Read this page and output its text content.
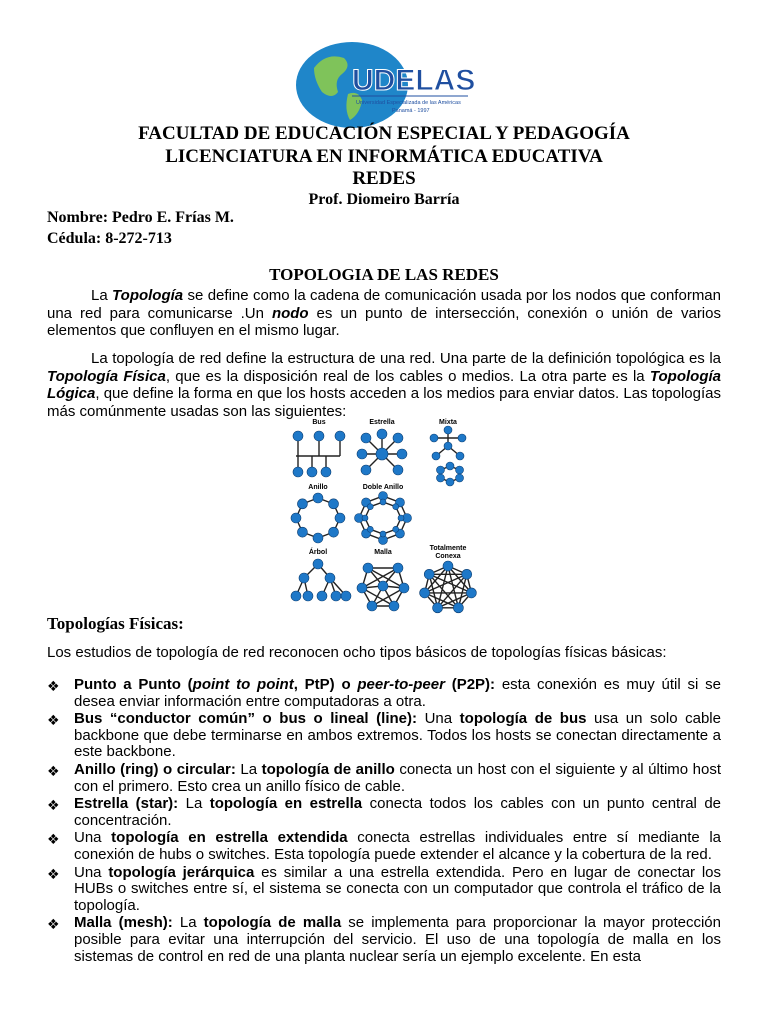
UDELAS
Universidad Especializada de las Américas
Panamá - 1997
FACULTAD DE EDUCACIÓN ESPECIAL Y PEDAGOGÍA
LICENCIATURA EN INFORMÁTICA EDUCATIVA
REDES
Prof. Diomeiro Barría
Nombre: Pedro E. Frías M.
Cédula: 8-272-713
TOPOLOGIA DE LAS REDES
La Topología se define como la cadena de comunicación usada por los nodos que conforman una red para comunicarse .Un nodo es un punto de intersección, conexión o unión de varios elementos que confluyen en el mismo lugar.
La topología de red define la estructura de una red. Una parte de la definición topológica es la Topología Física, que es la disposición real de los cables o medios. La otra parte es la Topología Lógica, que define la forma en que los hosts acceden a los medios para enviar datos. Las topologías más comúnmente usadas son las siguientes:
Bus	Estrella	Mixta
Anillo	Doble Anillo
Árbol	Malla
Totalmente
Conexa
Topologías Físicas:
Los estudios de topología de red reconocen ocho tipos básicos de topologías físicas básicas:
❖ Punto a Punto (point to point, PtP) o peer-to-peer (P2P): esta conexión es muy útil si se desea enviar información entre computadoras a otra.
❖ Bus “conductor común” o bus o lineal (line): Una topología de bus usa un solo cable backbone que debe terminarse en ambos extremos. Todos los hosts se conectan directamente a este backbone.
❖ Anillo (ring) o circular: La topología de anillo conecta un host con el siguiente y al último host con el primero. Esto crea un anillo físico de cable.
❖ Estrella (star): La topología en estrella conecta todos los cables con un punto central de concentración.
❖ Una topología en estrella extendida conecta estrellas individuales entre sí mediante la conexión de hubs o switches. Esta topología puede extender el alcance y la cobertura de la red.
❖ Una topología jerárquica es similar a una estrella extendida. Pero en lugar de conectar los HUBs o switches entre sí, el sistema se conecta con un computador que controla el tráfico de la topología.
❖ Malla (mesh): La topología de malla se implementa para proporcionar la mayor protección posible para evitar una interrupción del servicio. El uso de una topología de malla en los sistemas de control en red de una planta nuclear sería un ejemplo excelente. En esta
